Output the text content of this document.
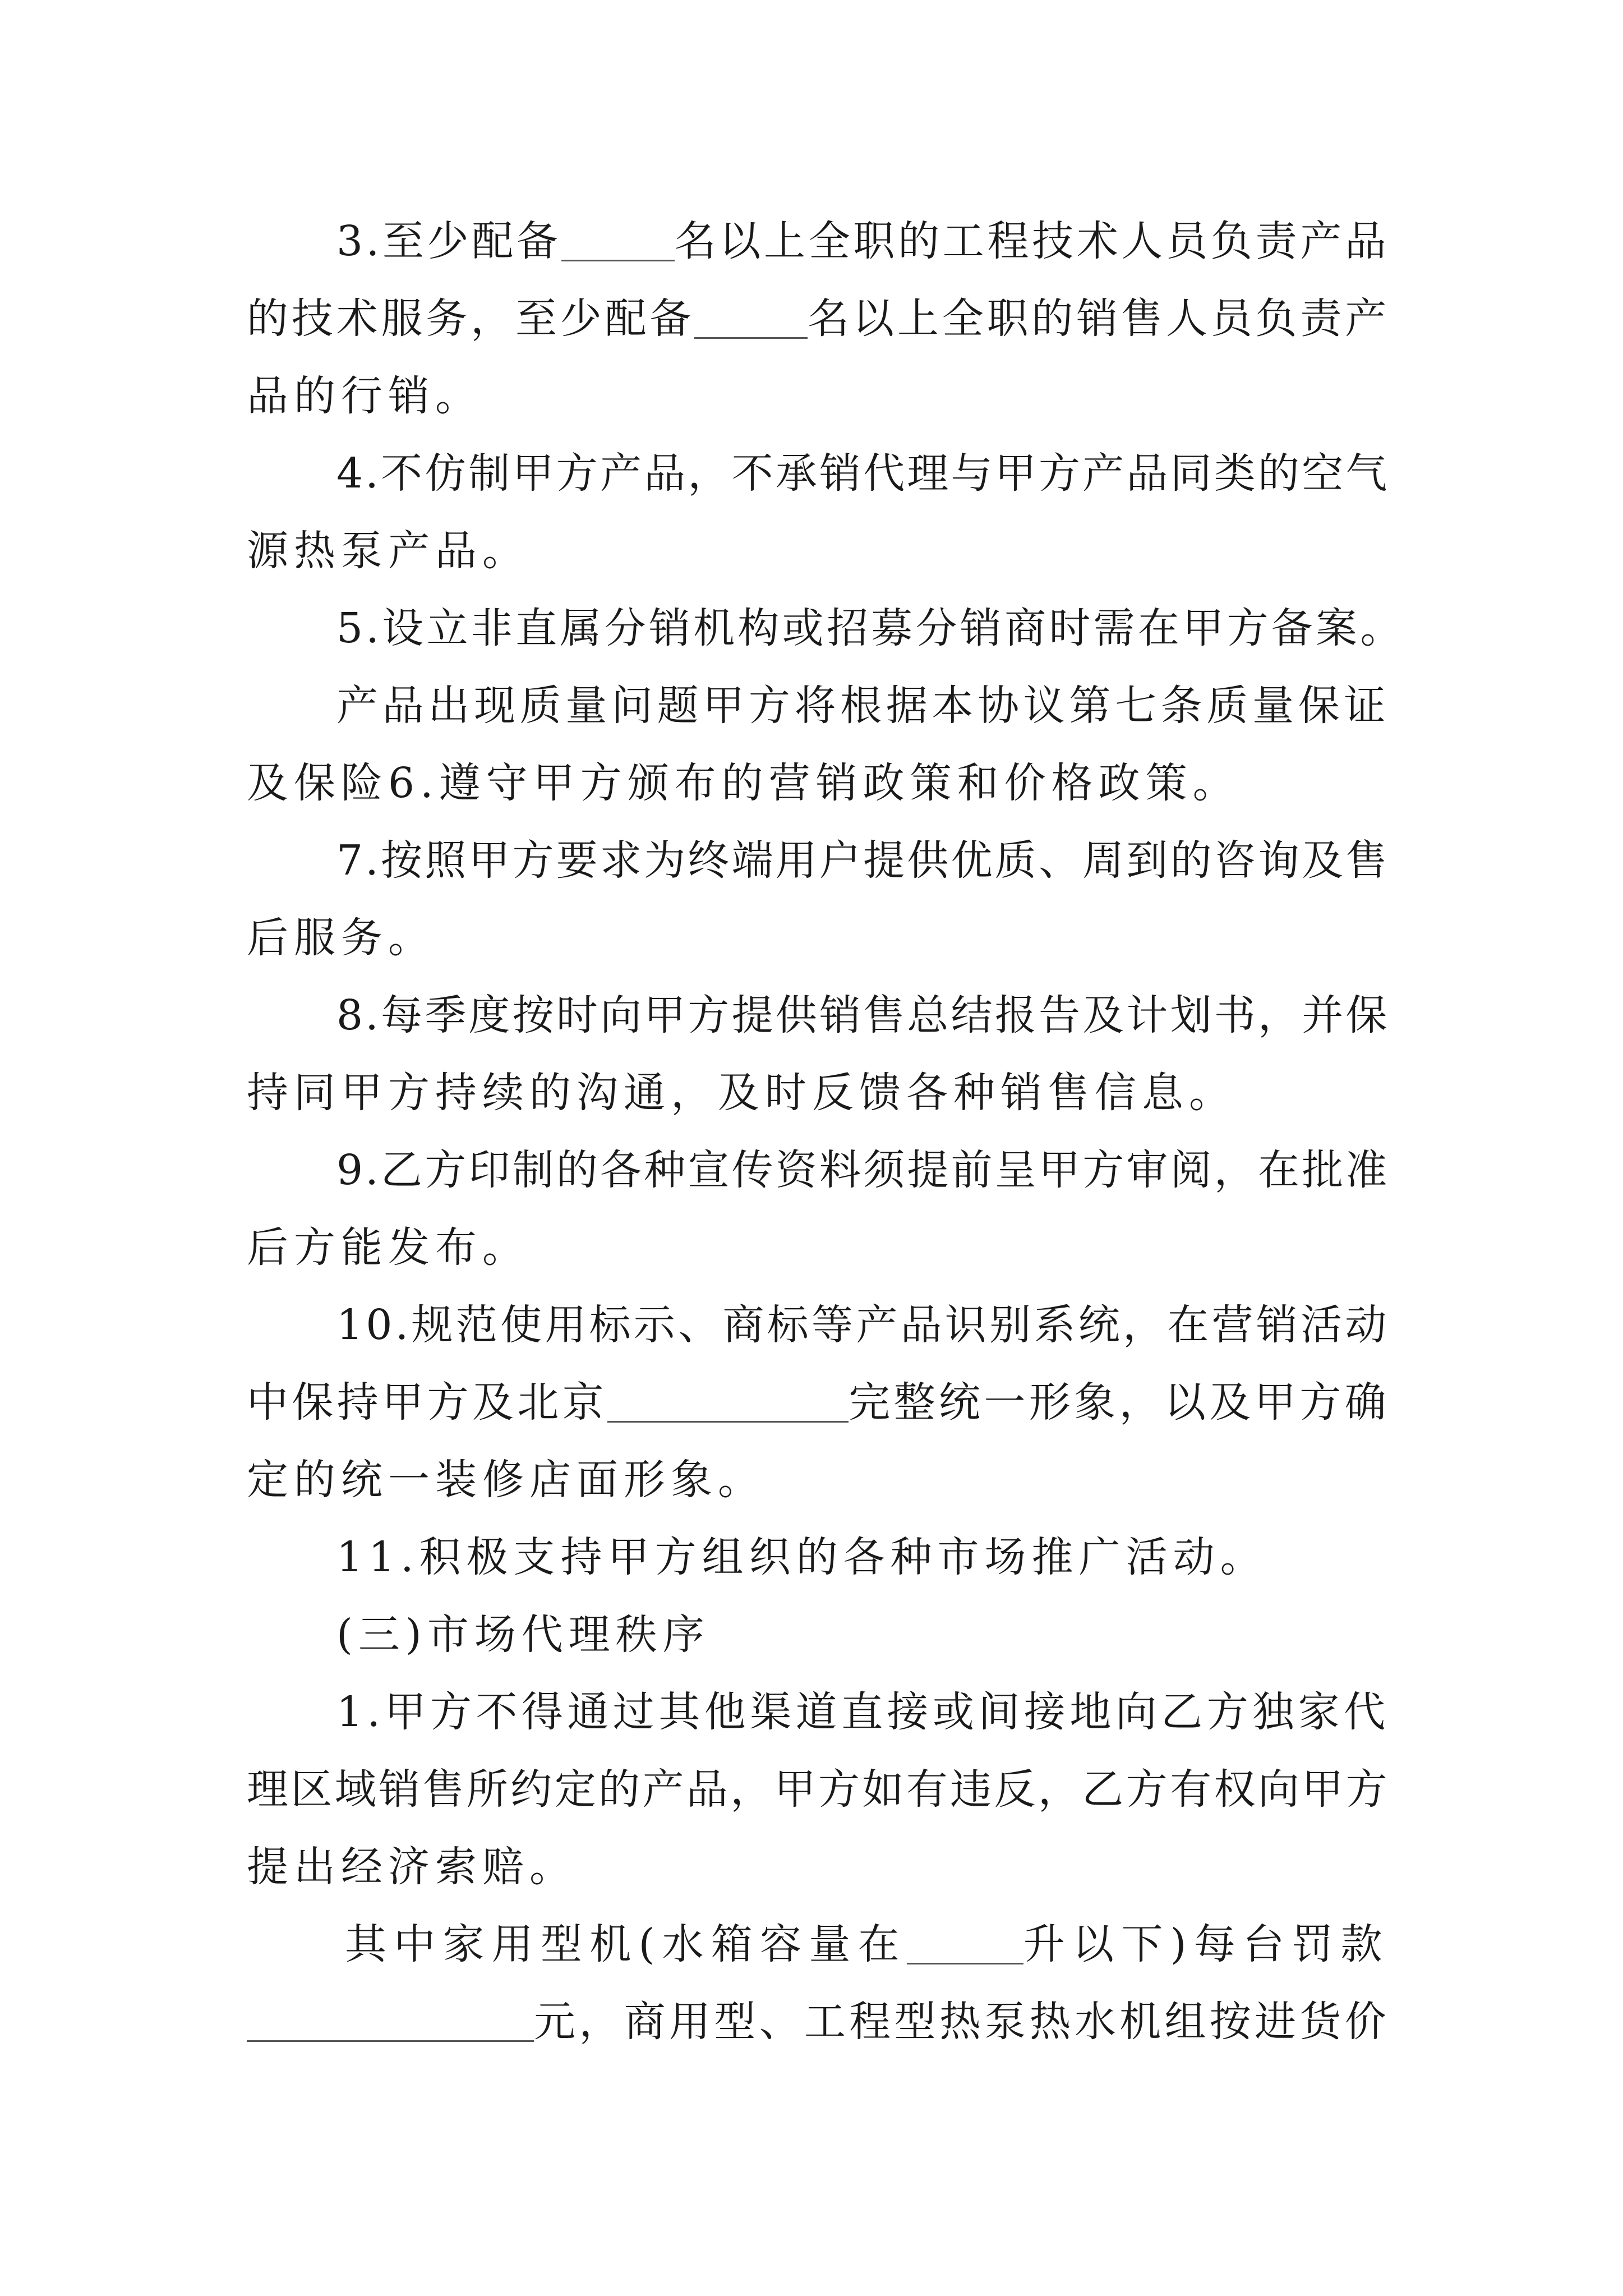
3.至少配备	名以上全职的工程技术人员负责产品
的技术服务，至少配备	名以上全职的销售人员负责产
品的行销。
4.不仿制甲方产品，不承销代理与甲方产品同类的空气
源热泵产品。
5.设立非直属分销机构或招募分销商时需在甲方备案。
产品出现质量问题甲方将根据本协议第七条质量保证
及保险6.遵守甲方颁布的营销政策和价格政策。
7.按照甲方要求为终端用户提供优质、周到的咨询及售
后服务。
8.每季度按时向甲方提供销售总结报告及计划书，并保
持同甲方持续的沟通，及时反馈各种销售信息。
9.乙方印制的各种宣传资料须提前呈甲方审阅，在批准
后方能发布。
10.规范使用标示、商标等产品识别系统，在营销活动
中保持甲方及北京	完整统一形象，以及甲方确
定的统一装修店面形象。
11.积极支持甲方组织的各种市场推广活动。
(三)市场代理秩序
1.甲方不得通过其他渠道直接或间接地向乙方独家代
理区域销售所约定的产品，甲方如有违反，乙方有权向甲方
提出经济索赔。
其中家用型机(水箱容量在	升以下)每台罚款
元，商用型、工程型热泵热水机组按进货价
